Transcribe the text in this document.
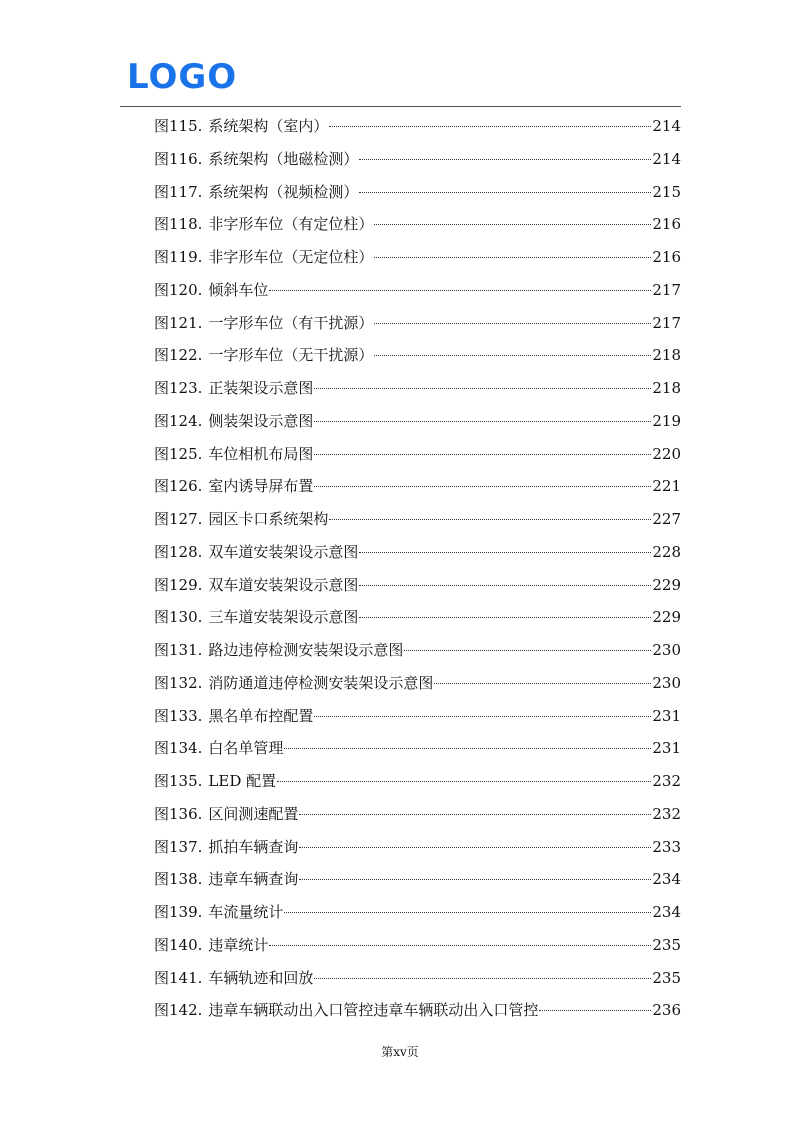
LOGO
图115. 系统架构（室内）	214
图116. 系统架构（地磁检测）	214
图117. 系统架构（视频检测）	215
图118. 非字形车位（有定位柱）	216
图119. 非字形车位（无定位柱）	216
图120. 倾斜车位	217
图121. 一字形车位（有干扰源）	217
图122. 一字形车位（无干扰源）	218
图123. 正装架设示意图	218
图124. 侧装架设示意图	219
图125. 车位相机布局图	220
图126. 室内诱导屏布置	221
图127. 园区卡口系统架构	227
图128. 双车道安装架设示意图	228
图129. 双车道安装架设示意图	229
图130. 三车道安装架设示意图	229
图131. 路边违停检测安装架设示意图	230
图132. 消防通道违停检测安装架设示意图	230
图133. 黑名单布控配置	231
图134. 白名单管理	231
图135. LED 配置	232
图136. 区间测速配置	232
图137. 抓拍车辆查询	233
图138. 违章车辆查询	234
图139. 车流量统计	234
图140. 违章统计	235
图141. 车辆轨迹和回放	235
图142. 违章车辆联动出入口管控违章车辆联动出入口管控	236
第xv页
